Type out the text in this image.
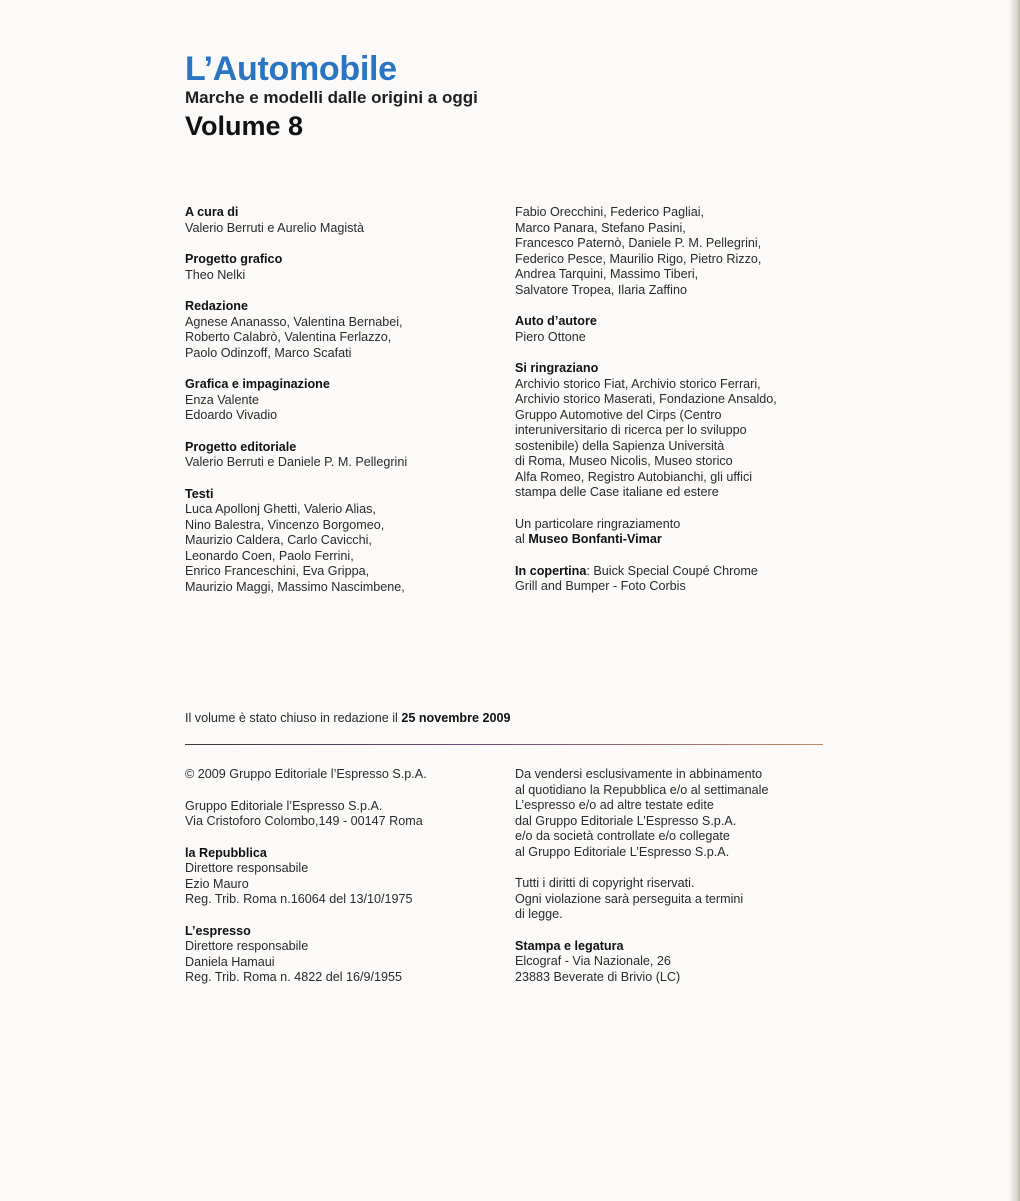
L’Automobile
Marche e modelli dalle origini a oggi
Volume 8
A cura di
Valerio Berruti e Aurelio Magistà
Progetto grafico
Theo Nelki
Redazione
Agnese Ananasso, Valentina Bernabei,
Roberto Calabrò, Valentina Ferlazzo,
Paolo Odinzoff, Marco Scafati
Grafica e impaginazione
Enza Valente
Edoardo Vivadio
Progetto editoriale
Valerio Berruti e Daniele P. M. Pellegrini
Testi
Luca Apollonj Ghetti, Valerio Alias,
Nino Balestra, Vincenzo Borgomeo,
Maurizio Caldera, Carlo Cavicchi,
Leonardo Coen, Paolo Ferrini,
Enrico Franceschini, Eva Grippa,
Maurizio Maggi, Massimo Nascimbene,
Fabio Orecchini, Federico Pagliai,
Marco Panara, Stefano Pasini,
Francesco Paternò, Daniele P. M. Pellegrini,
Federico Pesce, Maurilio Rigo, Pietro Rizzo,
Andrea Tarquini, Massimo Tiberi,
Salvatore Tropea, Ilaria Zaffino
Auto d’autore
Piero Ottone
Si ringraziano
Archivio storico Fiat, Archivio storico Ferrari,
Archivio storico Maserati, Fondazione Ansaldo,
Gruppo Automotive del Cirps (Centro
interuniversitario di ricerca per lo sviluppo
sostenibile) della Sapienza Università
di Roma, Museo Nicolis, Museo storico
Alfa Romeo, Registro Autobianchi, gli uffici
stampa delle Case italiane ed estere
Un particolare ringraziamento
al Museo Bonfanti-Vimar
In copertina: Buick Special Coupé Chrome
Grill and Bumper - Foto Corbis
Il volume è stato chiuso in redazione il 25 novembre 2009
© 2009 Gruppo Editoriale l’Espresso S.p.A.
Gruppo Editoriale l’Espresso S.p.A.
Via Cristoforo Colombo,149 - 00147 Roma
la Repubblica
Direttore responsabile
Ezio Mauro
Reg. Trib. Roma n.16064 del 13/10/1975
L’espresso
Direttore responsabile
Daniela Hamaui
Reg. Trib. Roma n. 4822 del 16/9/1955
Da vendersi esclusivamente in abbinamento
al quotidiano la Repubblica e/o al settimanale
L’espresso e/o ad altre testate edite
dal Gruppo Editoriale L’Espresso S.p.A.
e/o da società controllate e/o collegate
al Gruppo Editoriale L’Espresso S.p.A.
Tutti i diritti di copyright riservati.
Ogni violazione sarà perseguita a termini
di legge.
Stampa e legatura
Elcograf - Via Nazionale, 26
23883 Beverate di Brivio (LC)
